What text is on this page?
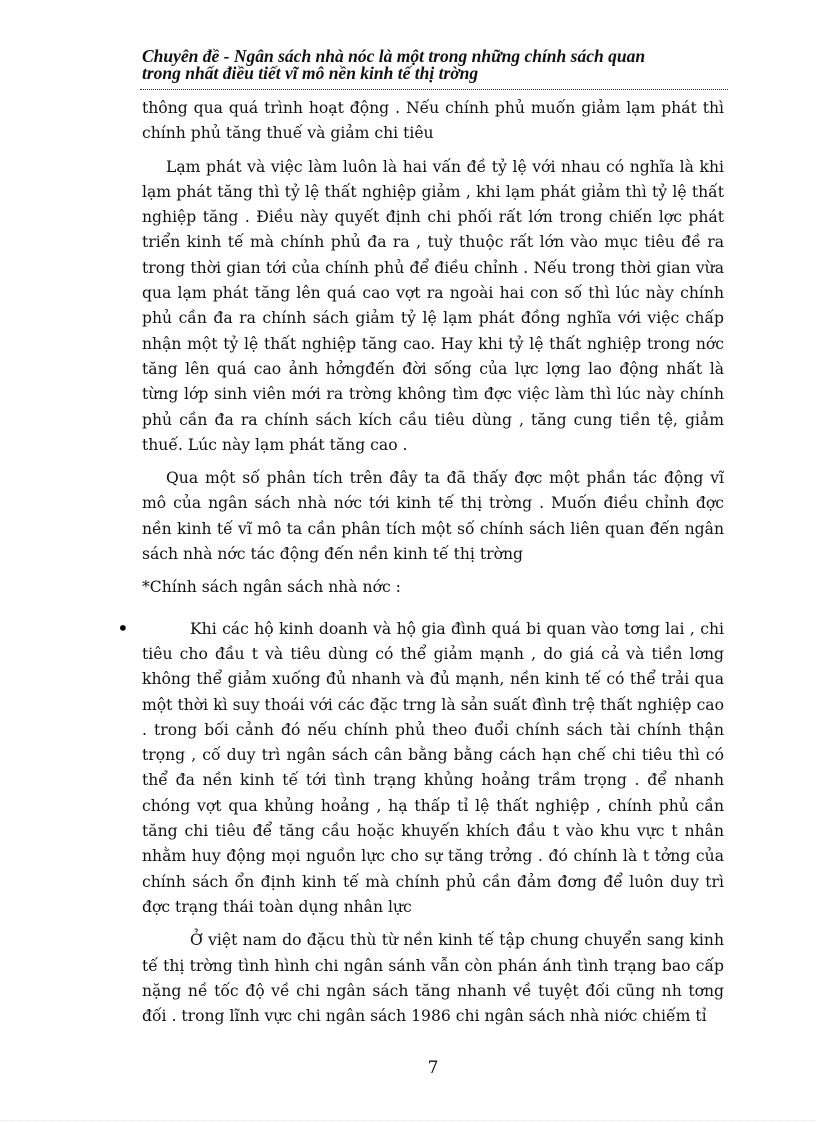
Chuyên đề - Ngân sách nhà nóc là một trong những chính sách quan
trong nhất điều tiết vĩ mô nền kinh tế thị trờng
•

thông qua quá trình hoạt động . Nếu chính phủ muốn giảm lạm phát thì chính phủ tăng thuế và giảm chi tiêu

Lạm phát và việc làm luôn là hai vấn đề tỷ lệ với nhau có nghĩa là khi lạm phát tăng thì tỷ lệ thất nghiệp giảm , khi lạm phát giảm thì tỷ lệ thất nghiệp tăng . Điều này quyết định chi phối rất lớn trong chiến lợc phát triển kinh tế mà chính phủ đa ra , tuỳ thuộc rất lớn vào mục tiêu đề ra trong thời gian tới của chính phủ để điều chỉnh . Nếu trong thời gian vừa qua lạm phát tăng lên quá cao vợt ra ngoài hai con số thì lúc này chính phủ cần đa ra chính sách giảm tỷ lệ lạm phát đồng nghĩa với việc chấp nhận một tỷ lệ thất nghiệp tăng cao. Hay khi tỷ lệ thất nghiệp trong nớc tăng lên quá cao ảnh hởngđến đời sống của lực lợng lao động nhất là từng lớp sinh viên mới ra trờng không tìm đợc việc làm thì lúc này chính phủ cần đa ra chính sách kích cầu tiêu dùng , tăng cung tiền tệ, giảm thuế. Lúc này lạm phát tăng cao .

Qua một số phân tích trên đây ta đã thấy đợc một phần tác động vĩ mô của ngân sách nhà nớc tới kinh tế thị trờng . Muốn điều chỉnh đợc nền kinh tế vĩ mô ta cần phân tích một số chính sách liên quan đến ngân sách nhà nớc tác động đến nền kinh tế thị trờng

*Chính sách ngân sách nhà nớc :

Khi các hộ kinh doanh và hộ gia đình quá bi quan vào tơng lai , chi tiêu cho đầu t và tiêu dùng có thể giảm mạnh , do giá cả và tiền lơng không thể giảm xuống đủ nhanh và đủ mạnh, nền kinh tế có thể trải qua một thời kì suy thoái với các đặc trng là sản suất đình trệ thất nghiệp cao . trong bối cảnh đó nếu chính phủ theo đuổi chính sách tài chính thận trọng , cố duy trì ngân sách cân bằng bằng cách hạn chế chi tiêu thì có thể đa nền kinh tế tới tình trạng khủng hoảng trầm trọng . để nhanh chóng vợt qua khủng hoảng , hạ thấp tỉ lệ thất nghiệp , chính phủ cần tăng chi tiêu để tăng cầu hoặc khuyến khích đầu t vào khu vực t nhân nhằm huy động mọi nguồn lực cho sự tăng trởng . đó chính là t tởng của chính sách ổn định kinh tế mà chính phủ cần đảm đơng để luôn duy trì đợc trạng thái toàn dụng nhân lực

Ở việt nam do đặcu thù từ nền kinh tế tập chung chuyển sang kinh tế thị trờng tình hình chi ngân sánh vẫn còn phán ánh tình trạng bao cấp nặng nề tốc độ về chi ngân sách tăng nhanh về tuyệt đối cũng nh tơng đối . trong lĩnh vực chi ngân sách 1986 chi ngân sách nhà niớc chiếm tỉ

7
